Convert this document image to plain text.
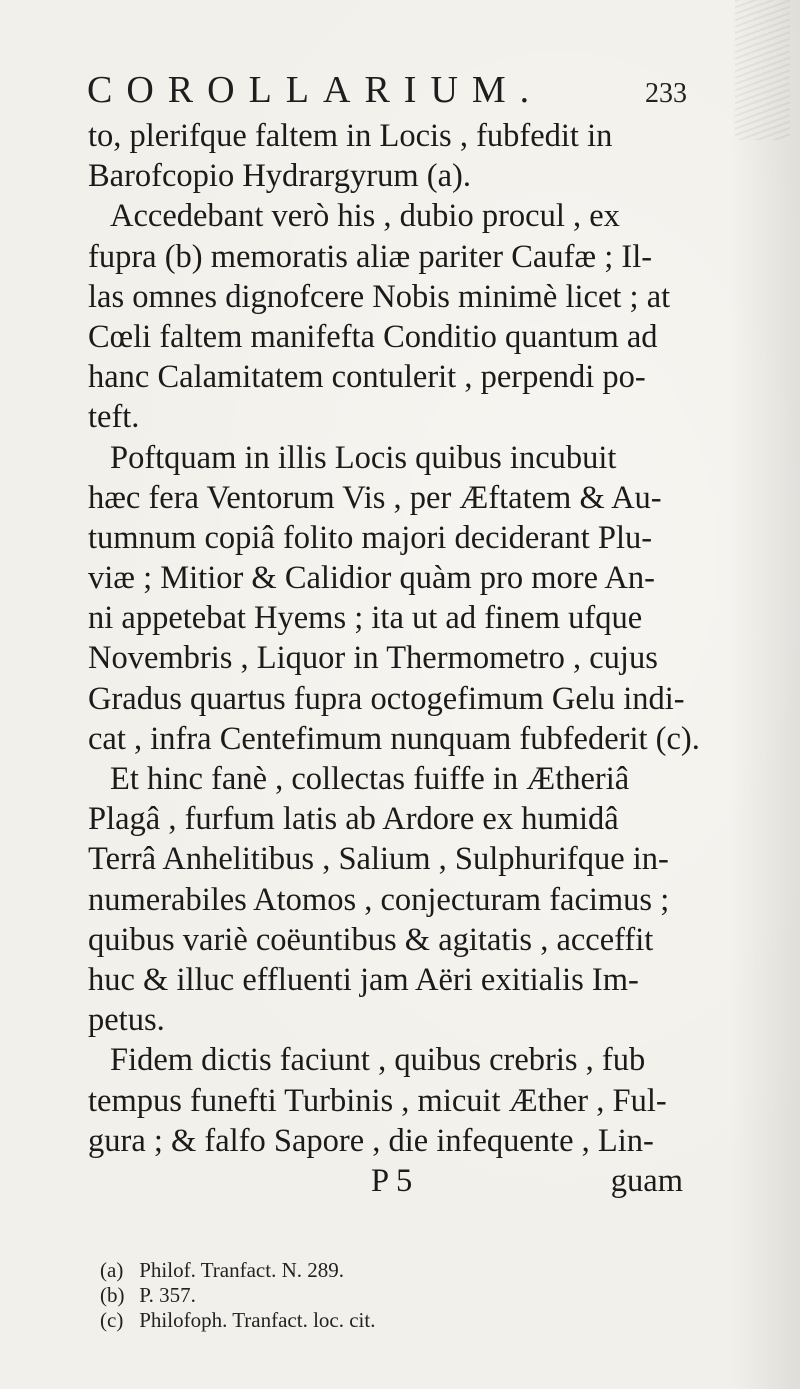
COROLLARIUM.	233
to, plerifque faltem in Locis , fubfedit in
Barofcopio Hydrargyrum (a).
Accedebant verò his , dubio procul , ex
fupra (b) memoratis aliæ pariter Caufæ ; Il-
las omnes dignofcere Nobis minimè licet ; at
Cœli faltem manifefta Conditio quantum ad
hanc Calamitatem contulerit , perpendi po-
teft.
Poftquam in illis Locis quibus incubuit
hæc fera Ventorum Vis , per Æftatem & Au-
tumnum copiâ folito majori deciderant Plu-
viæ ; Mitior & Calidior quàm pro more An-
ni appetebat Hyems ; ita ut ad finem ufque
Novembris , Liquor in Thermometro , cujus
Gradus quartus fupra octogefimum Gelu indi-
cat , infra Centefimum nunquam fubfederit (c).
Et hinc fanè , collectas fuiffe in Ætheriâ
Plagâ , furfum latis ab Ardore ex humidâ
Terrâ Anhelitibus , Salium , Sulphurifque in-
numerabiles Atomos , conjecturam facimus ;
quibus variè coëuntibus & agitatis , acceffit
huc & illuc effluenti jam Aëri exitialis Im-
petus.
Fidem dictis faciunt , quibus crebris , fub
tempus funefti Turbinis , micuit Æther , Ful-
gura ; & falfo Sapore , die infequente , Lin-
P 5	guam
(a) Philof. Tranfact. N. 289.
(b) P. 357.
(c) Philofoph. Tranfact. loc. cit.
